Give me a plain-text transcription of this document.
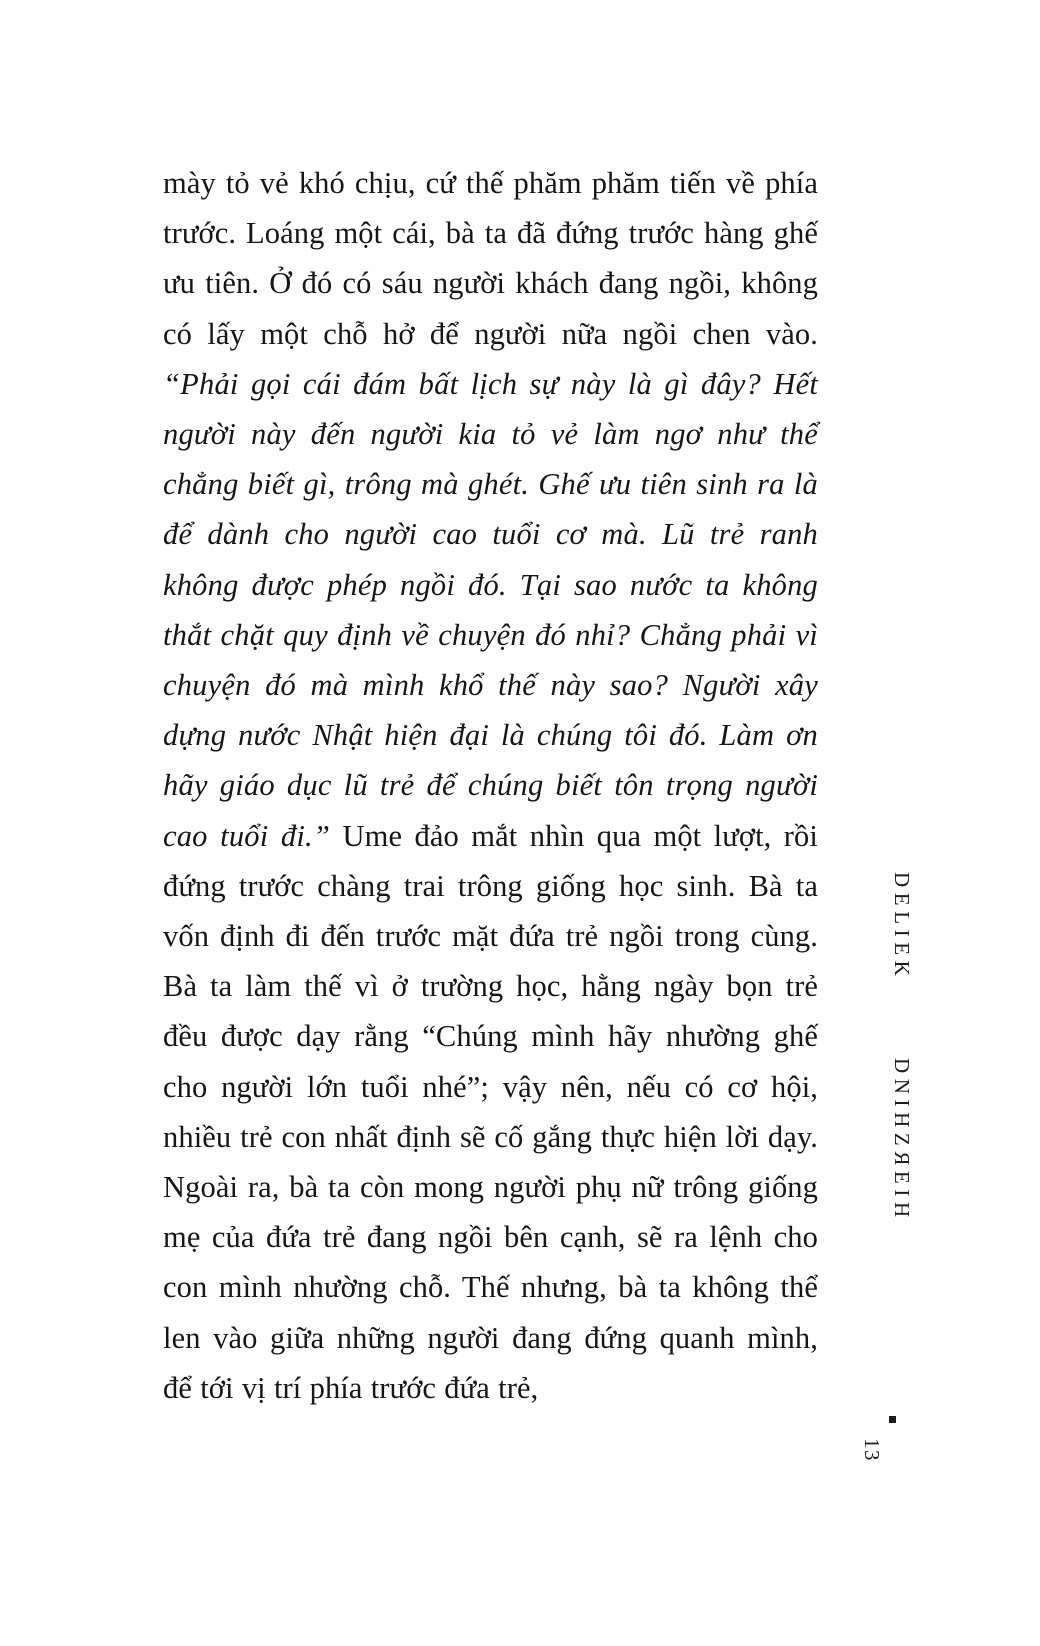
mày tỏ vẻ khó chịu, cứ thế phăm phăm tiến về phía trước. Loáng một cái, bà ta đã đứng trước hàng ghế ưu tiên. Ở đó có sáu người khách đang ngồi, không có lấy một chỗ hở để người nữa ngồi chen vào. “Phải gọi cái đám bất lịch sự này là gì đây? Hết người này đến người kia tỏ vẻ làm ngơ như thể chẳng biết gì, trông mà ghét. Ghế ưu tiên sinh ra là để dành cho người cao tuổi cơ mà. Lũ trẻ ranh không được phép ngồi đó. Tại sao nước ta không thắt chặt quy định về chuyện đó nhỉ? Chẳng phải vì chuyện đó mà mình khổ thế này sao? Người xây dựng nước Nhật hiện đại là chúng tôi đó. Làm ơn hãy giáo dục lũ trẻ để chúng biết tôn trọng người cao tuổi đi.” Ume đảo mắt nhìn qua một lượt, rồi đứng trước chàng trai trông giống học sinh. Bà ta vốn định đi đến trước mặt đứa trẻ ngồi trong cùng. Bà ta làm thế vì ở trường học, hằng ngày bọn trẻ đều được dạy rằng “Chúng mình hãy nhường ghế cho người lớn tuổi nhé”; vậy nên, nếu có cơ hội, nhiều trẻ con nhất định sẽ cố gắng thực hiện lời dạy. Ngoài ra, bà ta còn mong người phụ nữ trông giống mẹ của đứa trẻ đang ngồi bên cạnh, sẽ ra lệnh cho con mình nhường chỗ. Thế nhưng, bà ta không thể len vào giữa những người đang đứng quanh mình, để tới vị trí phía trước đứa trẻ,

DELIEK
DNIHZЯEIH
13
